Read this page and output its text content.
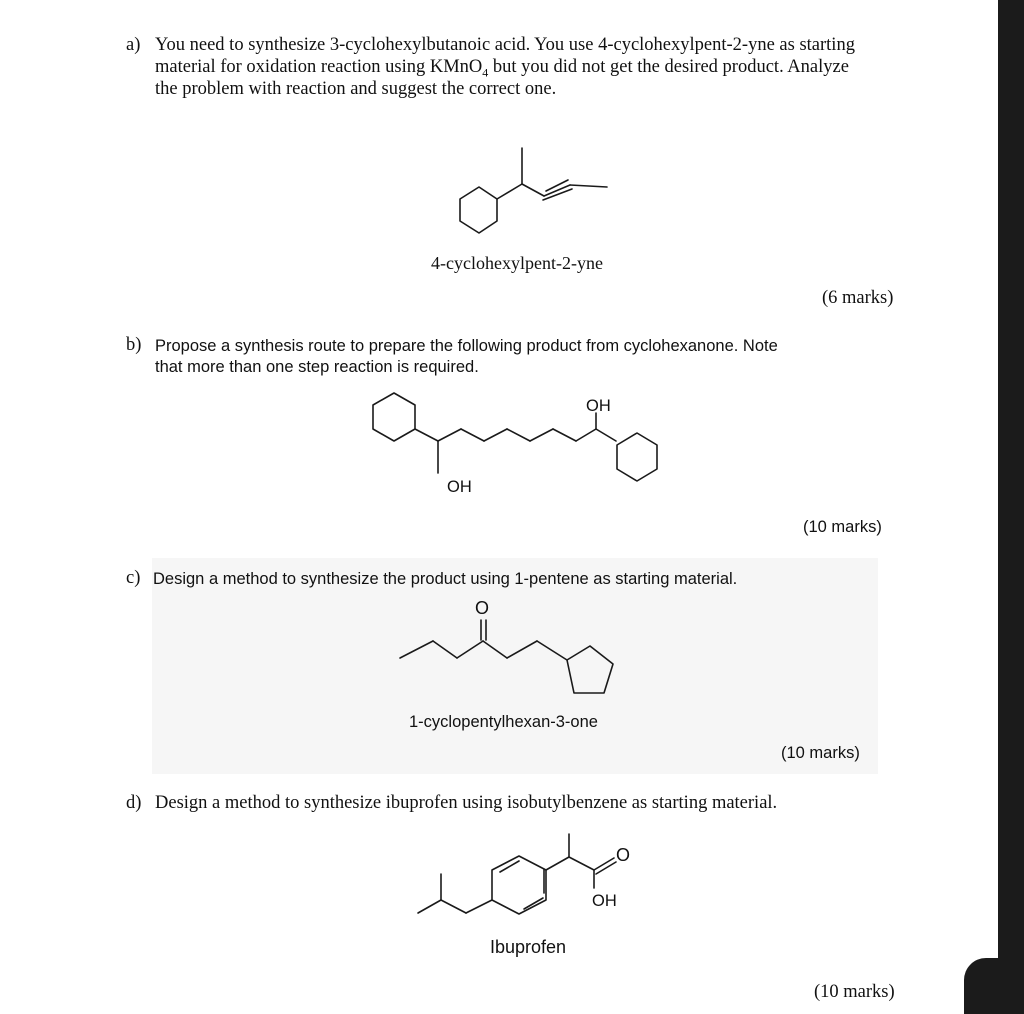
a) You need to synthesize 3-cyclohexylbutanoic acid. You use 4-cyclohexylpent-2-yne as starting
material for oxidation reaction using KMnO$_4$ but you did not get the desired product. Analyze
the problem with reaction and suggest the correct one.
4-cyclohexylpent-2-yne
(6 marks)
b) Propose a synthesis route to prepare the following product from cyclohexanone. Note
that more than one step reaction is required.
OH
OH
(10 marks)
c) Design a method to synthesize the product using 1-pentene as starting material.
O
1-cyclopentylhexan-3-one
(10 marks)
d) Design a method to synthesize ibuprofen using isobutylbenzene as starting material.
O
OH
Ibuprofen
(10 marks)
